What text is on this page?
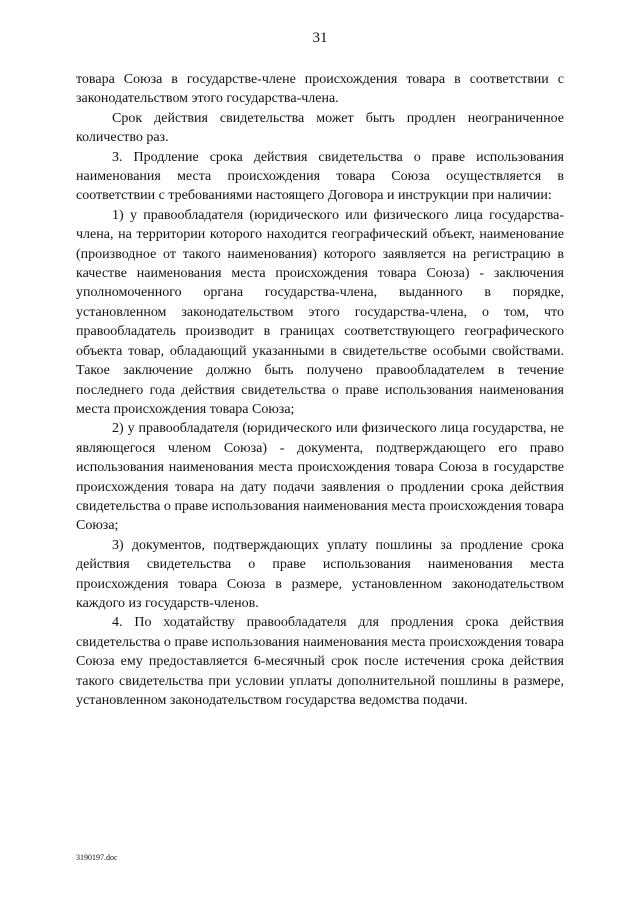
31

товара Союза в государстве-члене происхождения товара в соответствии с законодательством этого государства-члена.

Срок действия свидетельства может быть продлен неограниченное количество раз.

3. Продление срока действия свидетельства о праве использования наименования места происхождения товара Союза осуществляется в соответствии с требованиями настоящего Договора и инструкции при наличии:

1) у правообладателя (юридического или физического лица государства-члена, на территории которого находится географический объект, наименование (производное от такого наименования) которого заявляется на регистрацию в качестве наименования места происхождения товара Союза) - заключения уполномоченного органа государства-члена, выданного в порядке, установленном законодательством этого государства-члена, о том, что правообладатель производит в границах соответствующего географического объекта товар, обладающий указанными в свидетельстве особыми свойствами. Такое заключение должно быть получено правообладателем в течение последнего года действия свидетельства о праве использования наименования места происхождения товара Союза;

2) у правообладателя (юридического или физического лица государства, не являющегося членом Союза) - документа, подтверждающего его право использования наименования места происхождения товара Союза в государстве происхождения товара на дату подачи заявления о продлении срока действия свидетельства о праве использования наименования места происхождения товара Союза;

3) документов, подтверждающих уплату пошлины за продление срока действия свидетельства о праве использования наименования места происхождения товара Союза в размере, установленном законодательством каждого из государств-членов.

4. По ходатайству правообладателя для продления срока действия свидетельства о праве использования наименования места происхождения товара Союза ему предоставляется 6-месячный срок после истечения срока действия такого свидетельства при условии уплаты дополнительной пошлины в размере, установленном законодательством государства ведомства подачи.

3190197.doc
